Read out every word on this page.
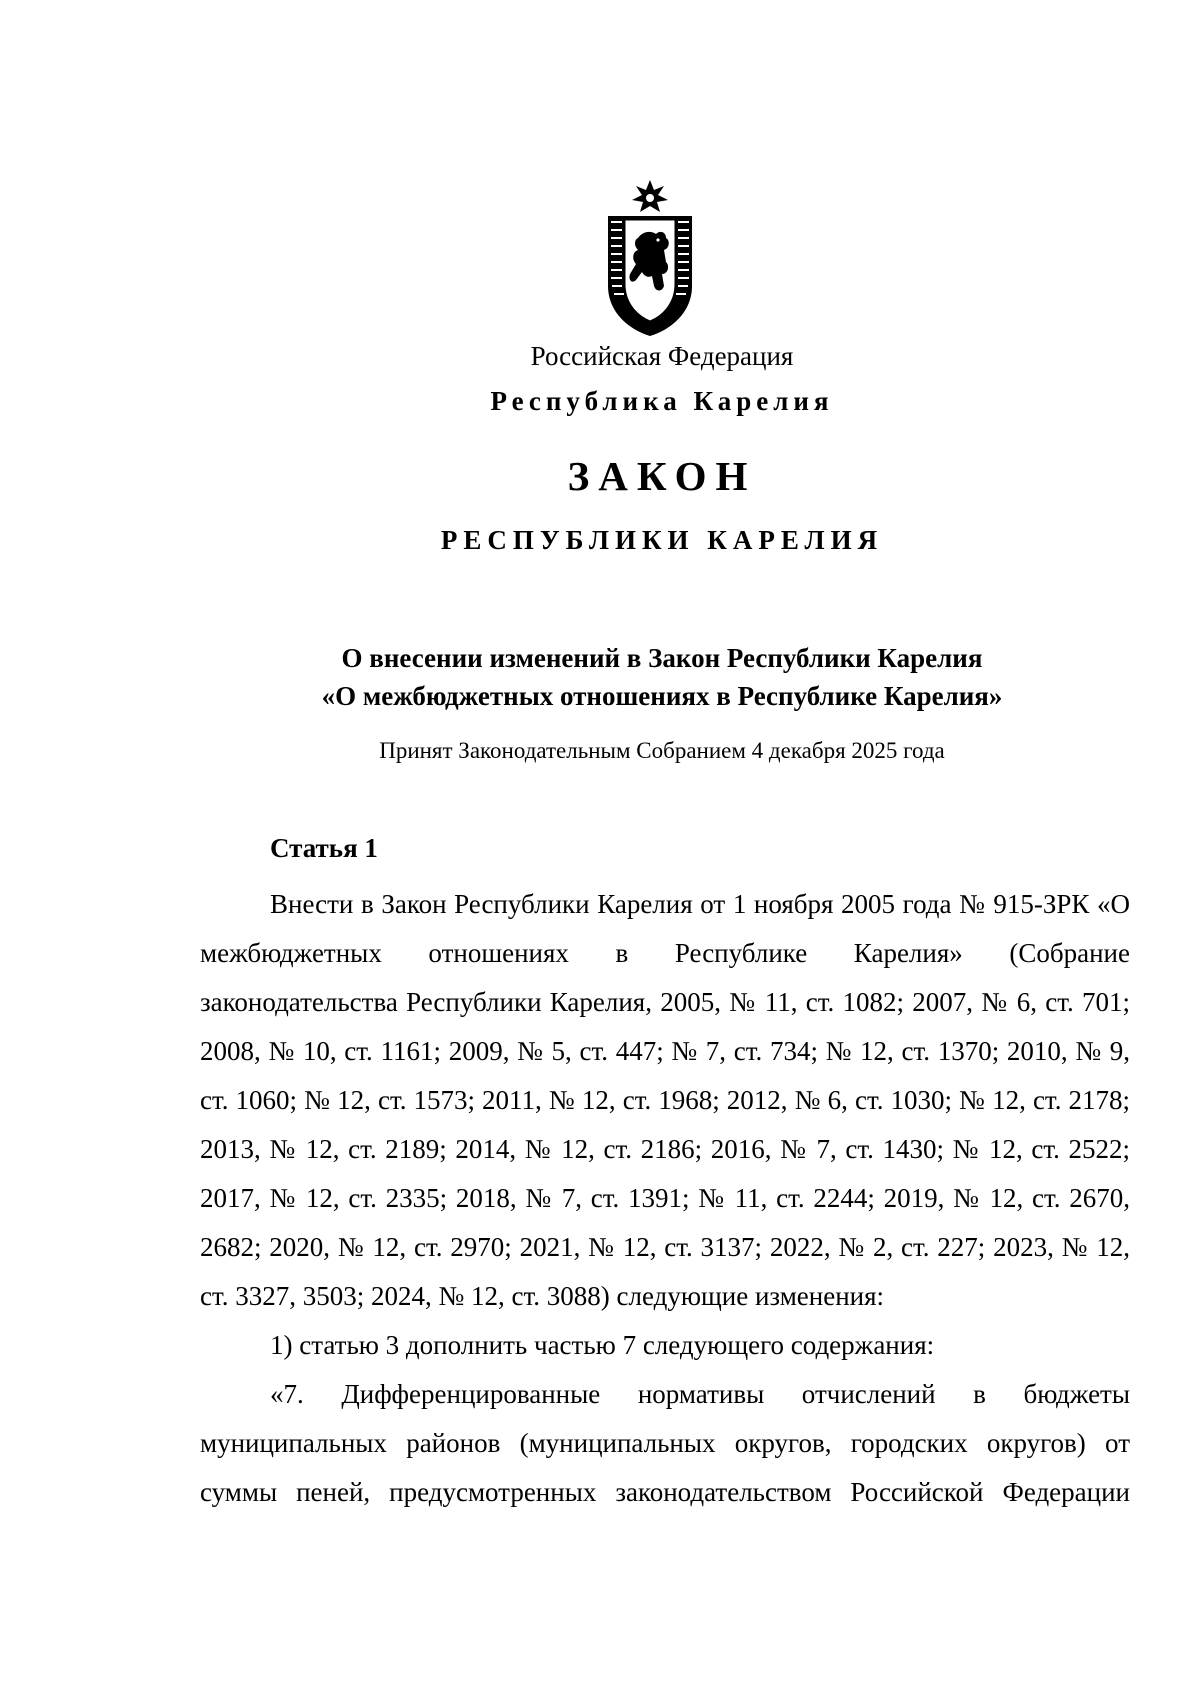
Российская Федерация
Республика Карелия
ЗАКОН
РЕСПУБЛИКИ КАРЕЛИЯ
О внесении изменений в Закон Республики Карелия
«О межбюджетных отношениях в Республике Карелия»
Принят Законодательным Собранием 4 декабря 2025 года
Статья 1

Внести в Закон Республики Карелия от 1 ноября 2005 года № 915-ЗРК «О межбюджетных отношениях в Республике Карелия» (Собрание законодательства Республики Карелия, 2005, № 11, ст. 1082; 2007, № 6, ст. 701; 2008, № 10, ст. 1161; 2009, № 5, ст. 447; № 7, ст. 734; № 12, ст. 1370; 2010, № 9, ст. 1060; № 12, ст. 1573; 2011, № 12, ст. 1968; 2012, № 6, ст. 1030; № 12, ст. 2178; 2013, № 12, ст. 2189; 2014, № 12, ст. 2186; 2016, № 7, ст. 1430; № 12, ст. 2522; 2017, № 12, ст. 2335; 2018, № 7, ст. 1391; № 11, ст. 2244; 2019, № 12, ст. 2670, 2682; 2020, № 12, ст. 2970; 2021, № 12, ст. 3137; 2022, № 2, ст. 227; 2023, № 12, ст. 3327, 3503; 2024, № 12, ст. 3088) следующие изменения:

1) статью 3 дополнить частью 7 следующего содержания:

«7. Дифференцированные нормативы отчислений в бюджеты муниципальных районов (муниципальных округов, городских округов) от суммы пеней, предусмотренных законодательством Российской Федерации
